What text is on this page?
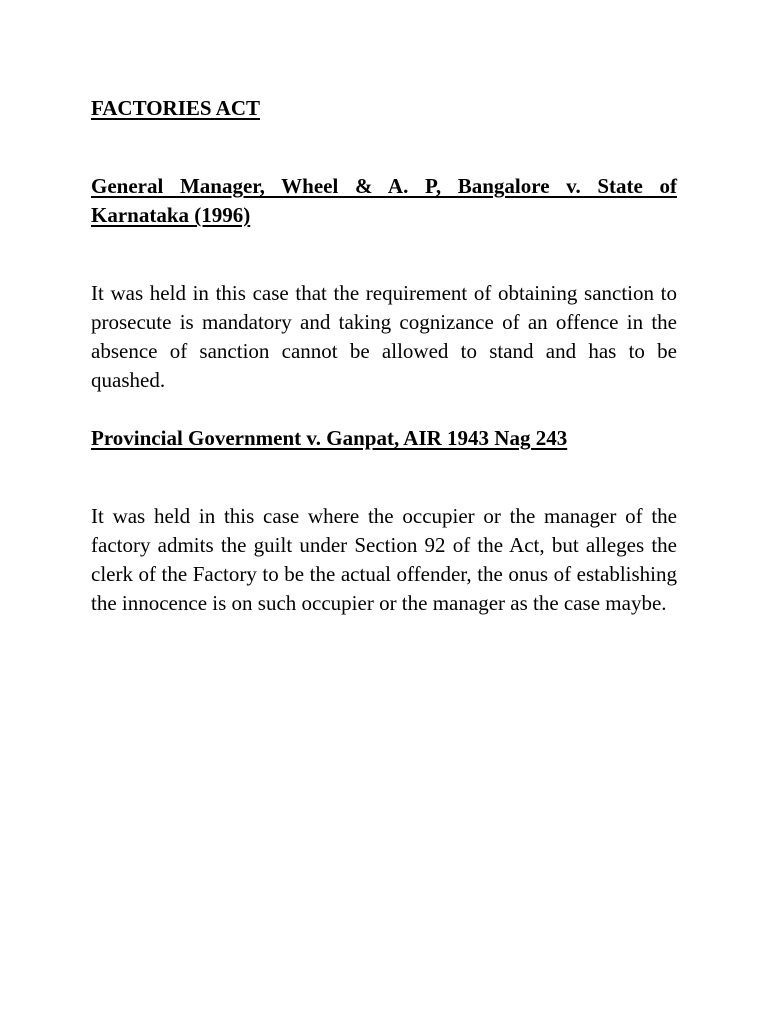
FACTORIES ACT

General Manager, Wheel & A. P, Bangalore v. State of Karnataka (1996)

It was held in this case that the requirement of obtaining sanction to prosecute is mandatory and taking cognizance of an offence in the absence of sanction cannot be allowed to stand and has to be quashed.

Provincial Government v. Ganpat, AIR 1943 Nag 243

It was held in this case where the occupier or the manager of the factory admits the guilt under Section 92 of the Act, but alleges the clerk of the Factory to be the actual offender, the onus of establishing the innocence is on such occupier or the manager as the case maybe.
